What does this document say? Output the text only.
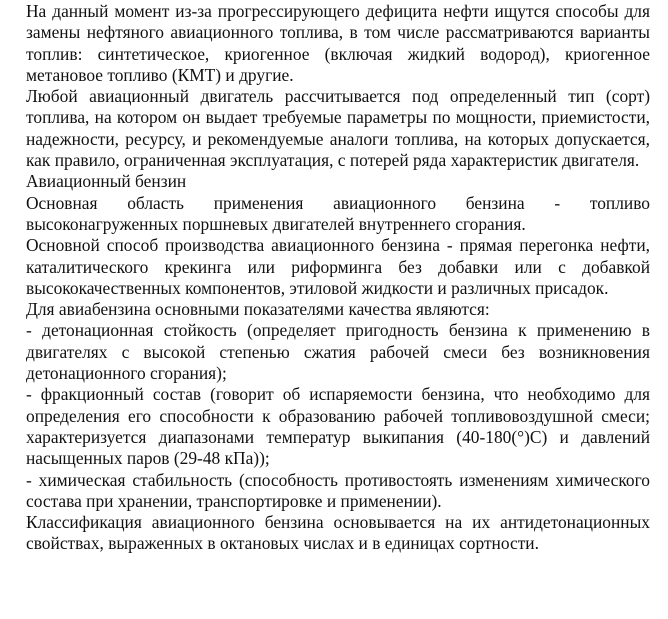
На данный момент из-за прогрессирующего дефицита нефти ищутся способы для замены нефтяного авиационного топлива, в том числе рассматриваются варианты топлив: синтетическое, криогенное (включая жидкий водород), криогенное метановое топливо (КМТ) и другие.

Любой авиационный двигатель рассчитывается под определенный тип (сорт) топлива, на котором он выдает требуемые параметры по мощности, приемистости, надежности, ресурсу, и рекомендуемые аналоги топлива, на которых допускается, как правило, ограниченная эксплуатация, с потерей ряда характеристик двигателя.

Авиационный бензин

Основная область применения авиационного бензина - топливо высоконагруженных поршневых двигателей внутреннего сгорания.

Основной способ производства авиационного бензина - прямая перегонка нефти, каталитического крекинга или риформинга без добавки или с добавкой высококачественных компонентов, этиловой жидкости и различных присадок.

Для авиабензина основными показателями качества являются:

- детонационная стойкость (определяет пригодность бензина к применению в двигателях с высокой степенью сжатия рабочей смеси без возникновения детонационного сгорания);

- фракционный состав (говорит об испаряемости бензина, что необходимо для определения его способности к образованию рабочей топливовоздушной смеси; характеризуется диапазонами температур выкипания (40-180(°)С) и давлений насыщенных паров (29-48 кПа));

- химическая стабильность (способность противостоять изменениям химического состава при хранении, транспортировке и применении).

Классификация авиационного бензина основывается на их антидетонационных свойствах, выраженных в октановых числах и в единицах сортности.
